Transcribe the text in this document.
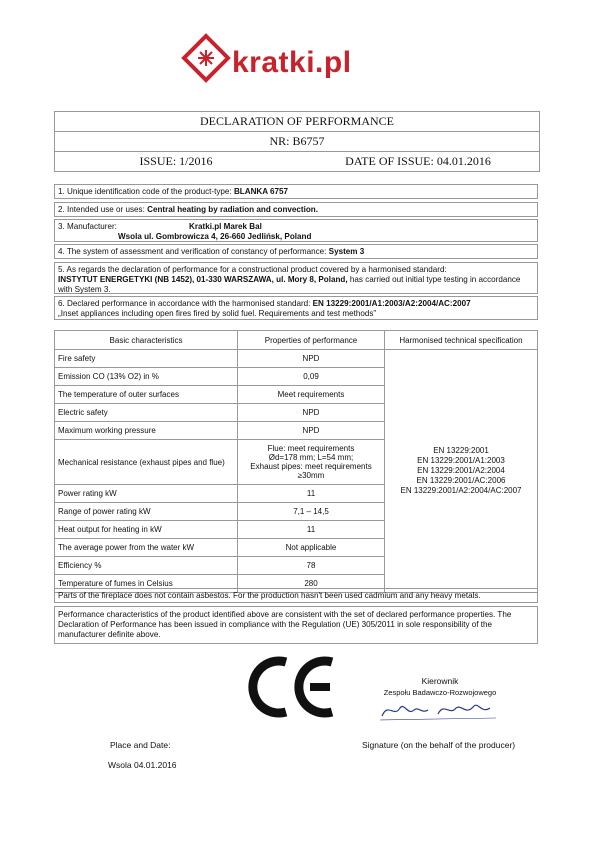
kratki.pl
DECLARATION OF PERFORMANCE
NR: B6757
ISSUE: 1/2016	DATE OF ISSUE: 04.01.2016
1. Unique identification code of the product-type: BLANKA 6757
2. Intended use or uses: Central heating by radiation and convection.
3. Manufacturer:	Kratki.pl Marek Bal

Wsola ul. Gombrowicza 4, 26-660 Jedlińsk, Poland
4. The system of assessment and verification of constancy of performance: System 3
5. As regards the declaration of performance for a constructional product covered by a harmonised standard:
INSTYTUT ENERGETYKI (NB 1452), 01-330 WARSZAWA, ul. Mory 8, Poland, has carried out initial type testing in accordance with System 3.
6. Declared performance in accordance with the harmonised standard: EN 13229:2001/A1:2003/A2:2004/AC:2007
„Inset appliances including open fires fired by solid fuel. Requirements and test methods”
Basic characteristics	Properties of performance	Harmonised technical specification
Fire safety	NPD	EN 13229:2001
EN 13229:2001/A1:2003
EN 13229:2001/A2:2004
EN 13229:2001/AC:2006
EN 13229:2001/A2:2004/AC:2007

Emission CO (13% O2) in %	0,09	
The temperature of outer surfaces	Meet requirements	
Electric safety	NPD	
Maximum working pressure	NPD	
Mechanical resistance (exhaust pipes and flue)	Flue: meet requirements
Ød=178 mm; L=54 mm;
Exhaust pipes: meet requirements
≥30mm	

Power rating kW	11	
Range of power rating kW	7,1 – 14,5	
Heat output for heating in kW	11	
The average power from the water kW	Not applicable	
Efficiency %	78	
Temperature of fumes in Celsius	280	
Parts of the fireplace does not contain asbestos. For the production hasn't been used cadmium and any heavy metals.
Performance characteristics of the product identified above are consistent with the set of declared performance properties. The Declaration of Performance has been issued in compliance with the Regulation (UE) 305/2011 in sole responsibility of the manufacturer definite above.
Kierownik
Zespołu Badawczo-Rozwojowego
Place and Date:	Signature (on the behalf of the producer)
Wsola 04.01.2016
